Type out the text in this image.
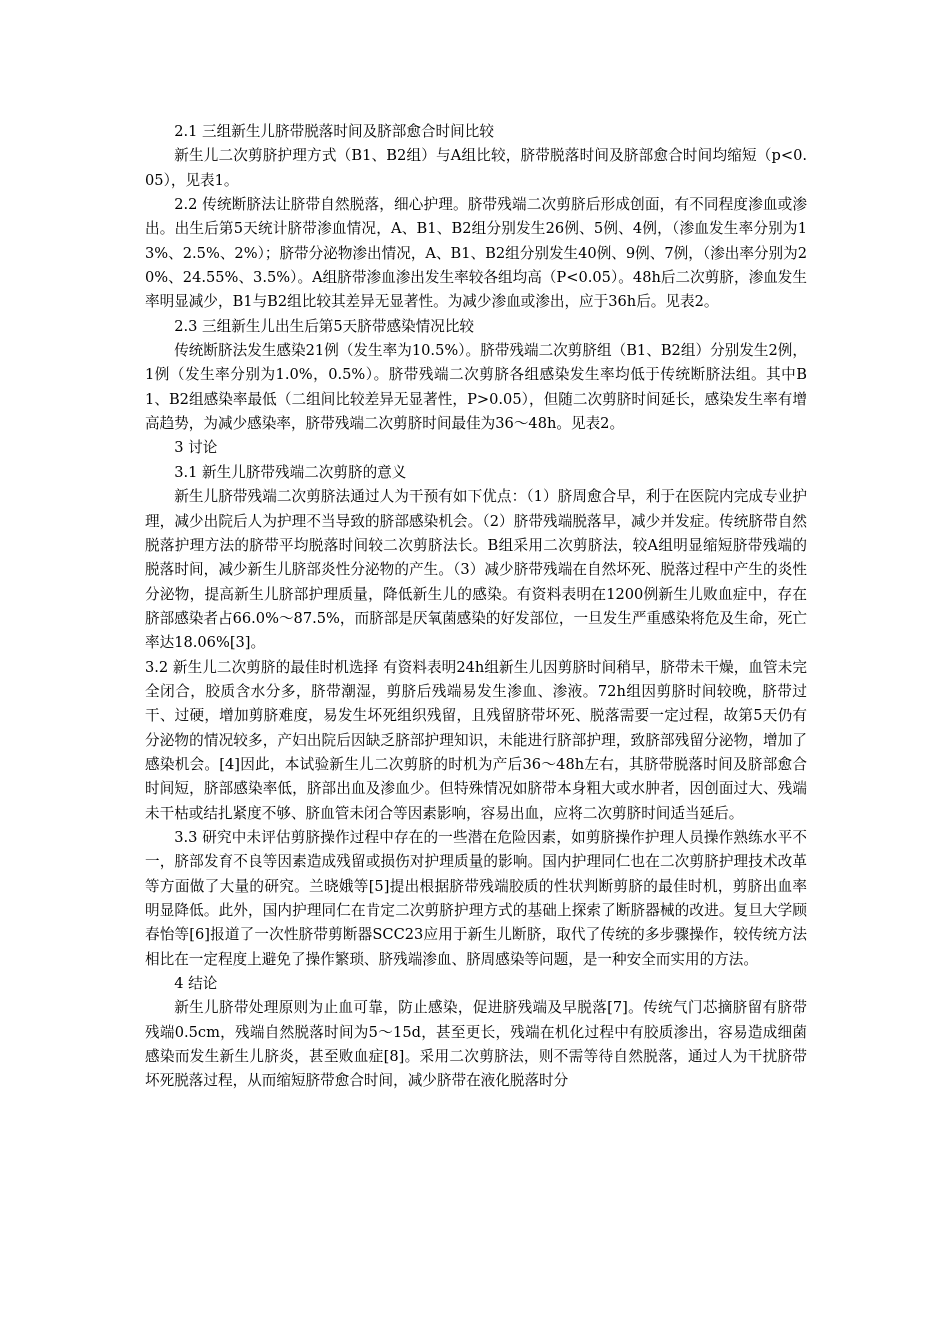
2.1 三组新生儿脐带脱落时间及脐部愈合时间比较

新生儿二次剪脐护理方式（B1、B2组）与A组比较，脐带脱落时间及脐部愈合时间均缩短（p<0.05），见表1。

2.2 传统断脐法让脐带自然脱落，细心护理。脐带残端二次剪脐后形成创面，有不同程度渗血或渗出。出生后第5天统计脐带渗血情况，A、B1、B2组分别发生26例、5例、4例，（渗血发生率分别为13%、2.5%、2%）；脐带分泌物渗出情况，A、B1、B2组分别发生40例、9例、7例，（渗出率分别为20%、24.55%、3.5%）。A组脐带渗血渗出发生率较各组均高（P<0.05）。48h后二次剪脐，渗血发生率明显减少，B1与B2组比较其差异无显著性。为减少渗血或渗出，应于36h后。见表2。

2.3 三组新生儿出生后第5天脐带感染情况比较

传统断脐法发生感染21例（发生率为10.5%）。脐带残端二次剪脐组（B1、B2组）分别发生2例，1例（发生率分别为1.0%，0.5%）。脐带残端二次剪脐各组感染发生率均低于传统断脐法组。其中B1、B2组感染率最低（二组间比较差异无显著性，P>0.05），但随二次剪脐时间延长，感染发生率有增高趋势，为减少感染率，脐带残端二次剪脐时间最佳为36～48h。见表2。

3 讨论

3.1 新生儿脐带残端二次剪脐的意义

新生儿脐带残端二次剪脐法通过人为干预有如下优点：（1）脐周愈合早，利于在医院内完成专业护理，减少出院后人为护理不当导致的脐部感染机会。（2）脐带残端脱落早，减少并发症。传统脐带自然脱落护理方法的脐带平均脱落时间较二次剪脐法长。B组采用二次剪脐法，较A组明显缩短脐带残端的脱落时间，减少新生儿脐部炎性分泌物的产生。（3）减少脐带残端在自然坏死、脱落过程中产生的炎性分泌物，提高新生儿脐部护理质量，降低新生儿的感染。有资料表明在1200例新生儿败血症中，存在脐部感染者占66.0%～87.5%，而脐部是厌氧菌感染的好发部位，一旦发生严重感染将危及生命，死亡率达18.06%[3]。

3.2 新生儿二次剪脐的最佳时机选择 有资料表明24h组新生儿因剪脐时间稍早，脐带未干燥，血管未完全闭合，胶质含水分多，脐带潮湿，剪脐后残端易发生渗血、渗液。72h组因剪脐时间较晚，脐带过干、过硬，增加剪脐难度，易发生坏死组织残留，且残留脐带坏死、脱落需要一定过程，故第5天仍有分泌物的情况较多，产妇出院后因缺乏脐部护理知识，未能进行脐部护理，致脐部残留分泌物，增加了感染机会。[4]因此，本试验新生儿二次剪脐的时机为产后36～48h左右，其脐带脱落时间及脐部愈合时间短，脐部感染率低，脐部出血及渗血少。但特殊情况如脐带本身粗大或水肿者，因创面过大、残端未干枯或结扎紧度不够、脐血管未闭合等因素影响，容易出血，应将二次剪脐时间适当延后。

3.3 研究中未评估剪脐操作过程中存在的一些潜在危险因素，如剪脐操作护理人员操作熟练水平不一，脐部发育不良等因素造成残留或损伤对护理质量的影响。国内护理同仁也在二次剪脐护理技术改革等方面做了大量的研究。兰晓娥等[5]提出根据脐带残端胶质的性状判断剪脐的最佳时机，剪脐出血率明显降低。此外，国内护理同仁在肯定二次剪脐护理方式的基础上探索了断脐器械的改进。复旦大学顾春怡等[6]报道了一次性脐带剪断器SCC23应用于新生儿断脐，取代了传统的多步骤操作，较传统方法相比在一定程度上避免了操作繁琐、脐残端渗血、脐周感染等问题，是一种安全而实用的方法。

4 结论

新生儿脐带处理原则为止血可靠，防止感染，促进脐残端及早脱落[7]。传统气门芯摘脐留有脐带残端0.5cm，残端自然脱落时间为5～15d，甚至更长，残端在机化过程中有胶质渗出，容易造成细菌感染而发生新生儿脐炎，甚至败血症[8]。采用二次剪脐法，则不需等待自然脱落，通过人为干扰脐带坏死脱落过程，从而缩短脐带愈合时间，减少脐带在液化脱落时分
